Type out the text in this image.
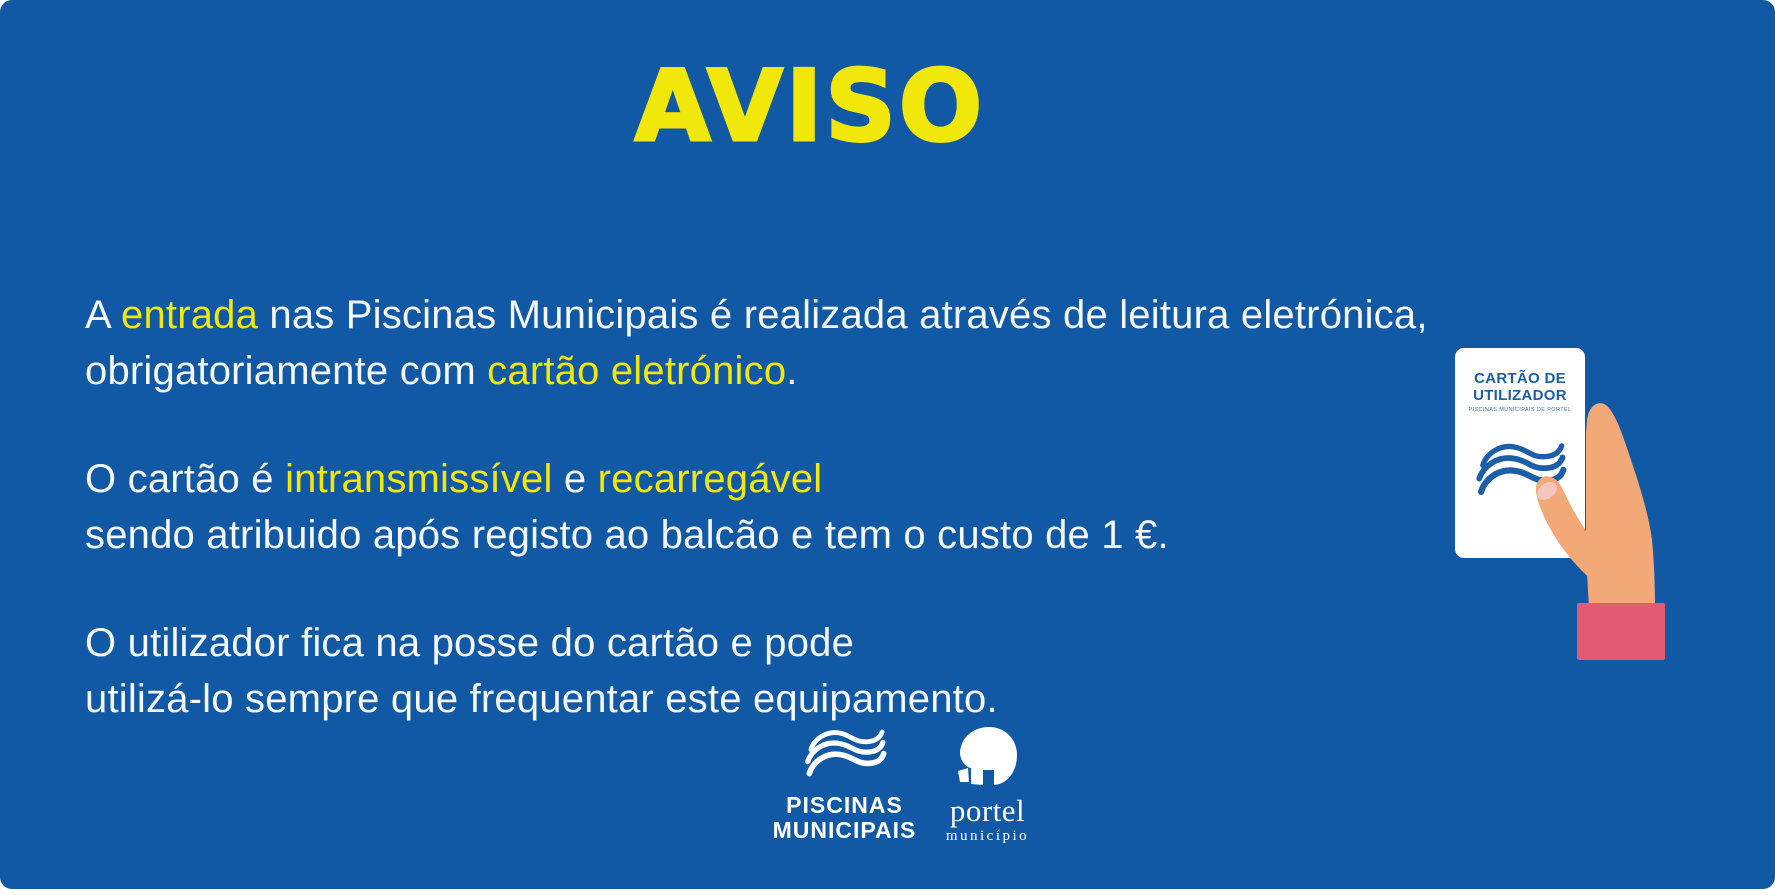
AVISO

A entrada nas Piscinas Municipais é realizada através de leitura eletrónica,
obrigatoriamente com cartão eletrónico.

O cartão é intransmissível e recarregável
sendo atribuido após registo ao balcão e tem o custo de 1 €.

O utilizador fica na posse do cartão e pode
utilizá-lo sempre que frequentar este equipamento.

CARTÃO DE
UTILIZADOR
PISCINAS MUNICIPAIS DE PORTEL
PISCINAS
MUNICIPAIS
portel
município
